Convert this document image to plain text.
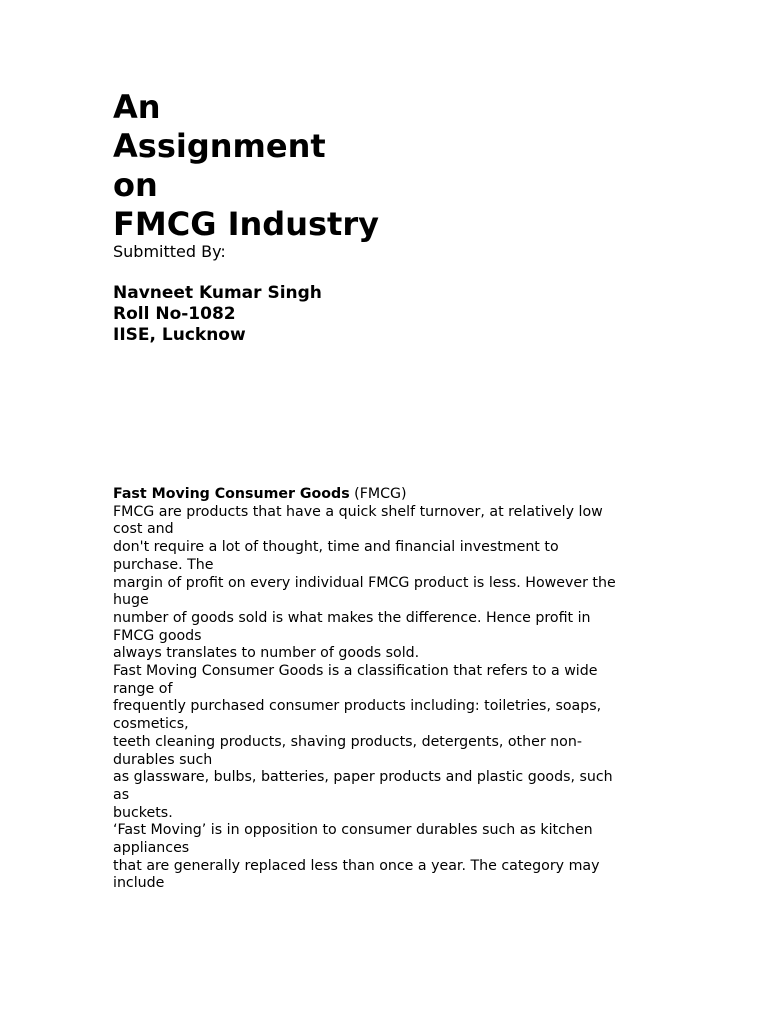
An
Assignment
on
FMCG Industry
Submitted By:
Navneet Kumar Singh
Roll No-1082
IISE, Lucknow
Fast Moving Consumer Goods (FMCG)
FMCG are products that have a quick shelf turnover, at relatively low
cost and
don't require a lot of thought, time and financial investment to
purchase. The
margin of profit on every individual FMCG product is less. However the
huge
number of goods sold is what makes the difference. Hence profit in
FMCG goods
always translates to number of goods sold.
Fast Moving Consumer Goods is a classification that refers to a wide
range of
frequently purchased consumer products including: toiletries, soaps,
cosmetics,
teeth cleaning products, shaving products, detergents, other non-
durables such
as glassware, bulbs, batteries, paper products and plastic goods, such
as
buckets.
‘Fast Moving’ is in opposition to consumer durables such as kitchen
appliances
that are generally replaced less than once a year. The category may
include
